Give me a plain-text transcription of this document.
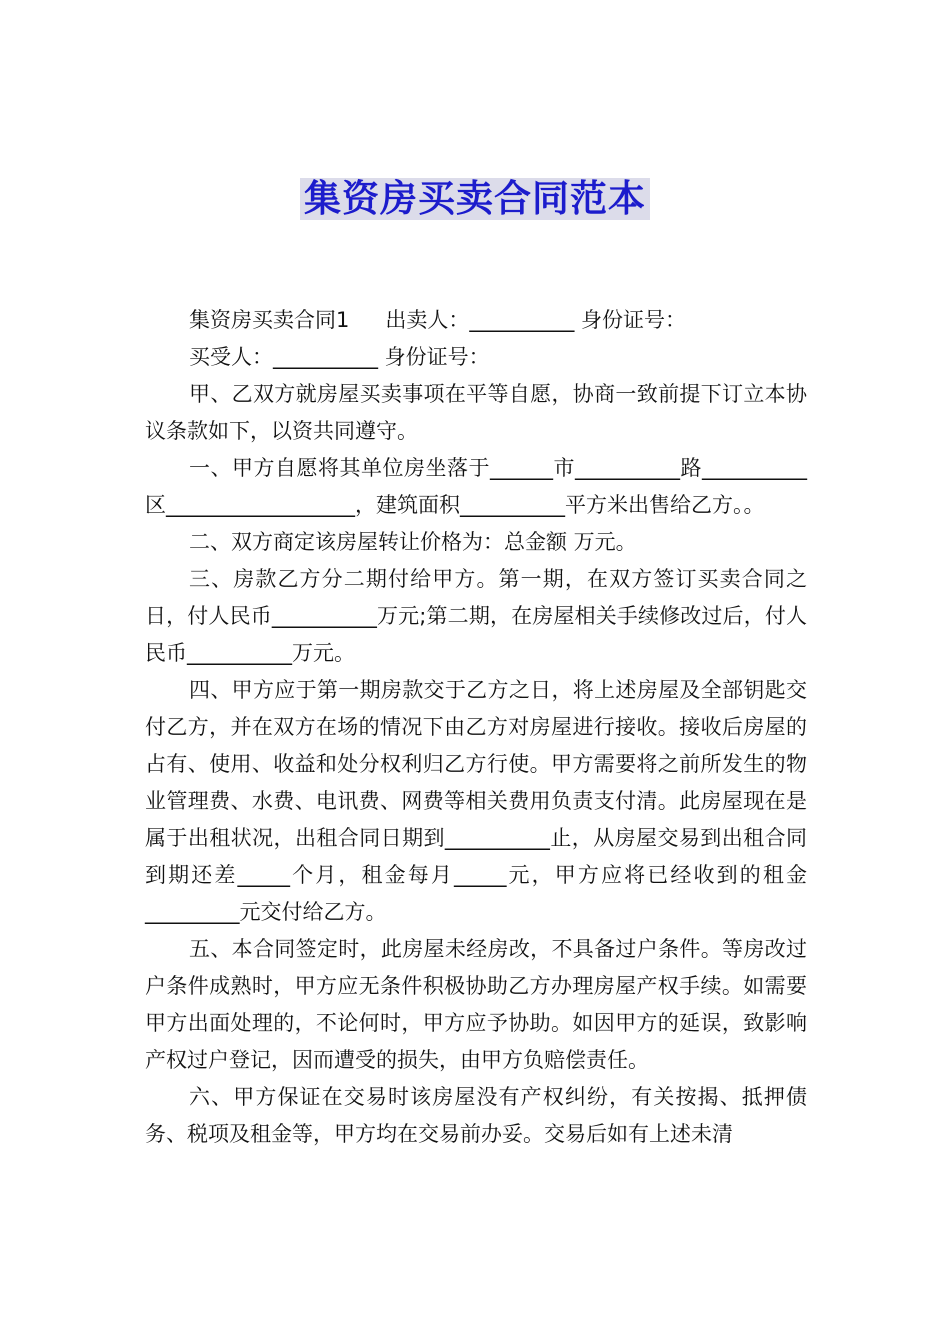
集资房买卖合同范本

集资房买卖合同1 出卖人：__________ 身份证号：

买受人：__________ 身份证号：

甲、乙双方就房屋买卖事项在平等自愿，协商一致前提下订立本协议条款如下，以资共同遵守。

一、甲方自愿将其单位房坐落于______市__________路__________区__________________，建筑面积__________平方米出售给乙方。。

二、双方商定该房屋转让价格为：总金额 万元。

三、房款乙方分二期付给甲方。第一期，在双方签订买卖合同之日，付人民币__________万元;第二期，在房屋相关手续修改过后，付人民币__________万元。

四、甲方应于第一期房款交于乙方之日，将上述房屋及全部钥匙交付乙方，并在双方在场的情况下由乙方对房屋进行接收。接收后房屋的占有、使用、收益和处分权利归乙方行使。甲方需要将之前所发生的物业管理费、水费、电讯费、网费等相关费用负责支付清。此房屋现在是属于出租状况，出租合同日期到__________止，从房屋交易到出租合同到期还差_____个月，租金每月_____元，甲方应将已经收到的租金_________元交付给乙方。

五、本合同签定时，此房屋未经房改，不具备过户条件。等房改过户条件成熟时，甲方应无条件积极协助乙方办理房屋产权手续。如需要甲方出面处理的，不论何时，甲方应予协助。如因甲方的延误，致影响产权过户登记，因而遭受的损失，由甲方负赔偿责任。

六、甲方保证在交易时该房屋没有产权纠纷，有关按揭、抵押债务、税项及租金等，甲方均在交易前办妥。交易后如有上述未清
